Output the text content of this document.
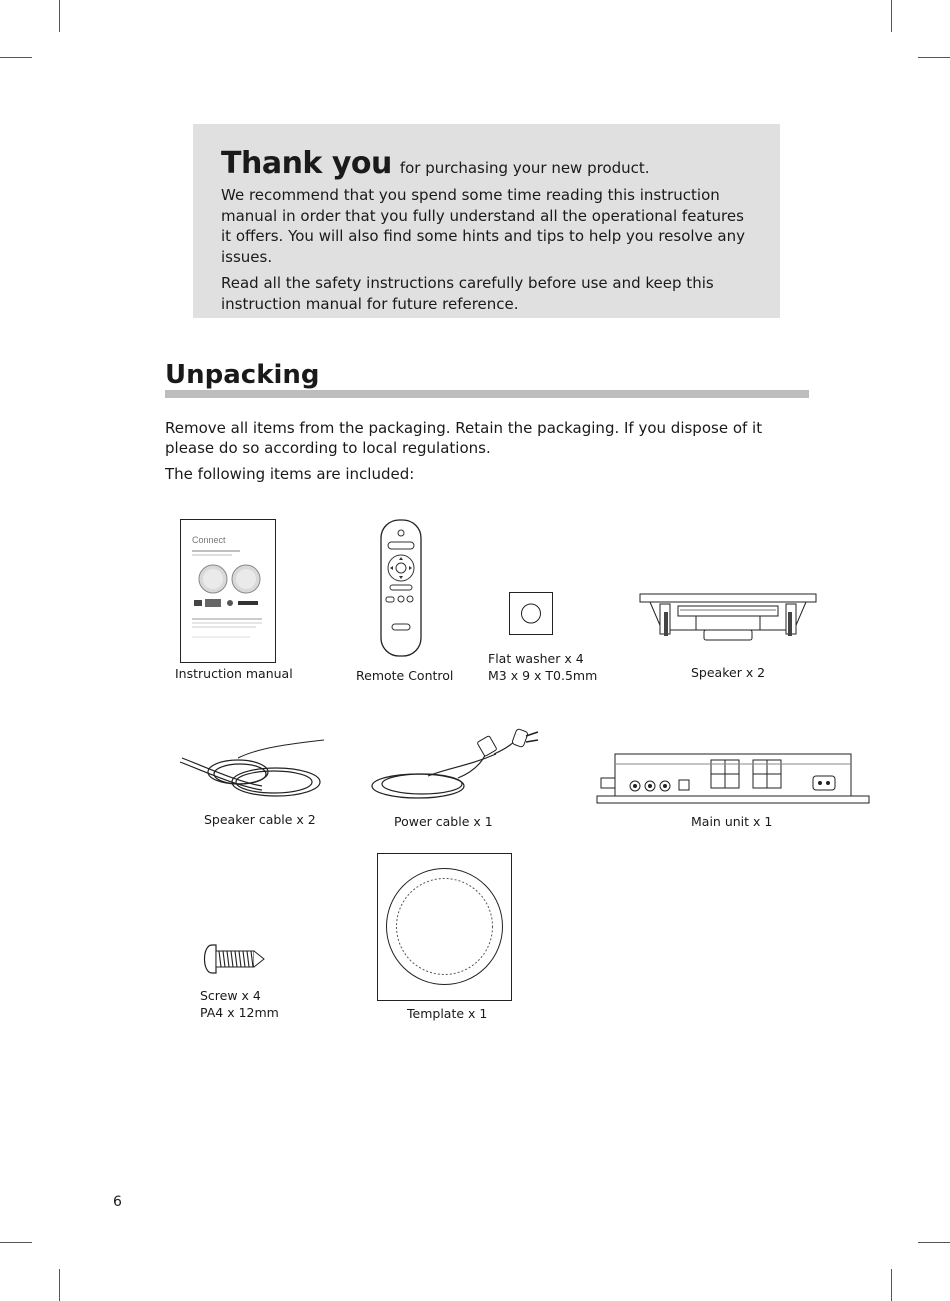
Thank you for purchasing your new product.

We recommend that you spend some time reading this instruction manual in order that you fully understand all the operational features it offers. You will also find some hints and tips to help you resolve any issues.

Read all the safety instructions carefully before use and keep this instruction manual for future reference.

Unpacking

Remove all items from the packaging. Retain the packaging. If you dispose of it please do so according to local regulations.

The following items are included:

Connect

Instruction manual	Remote Control

Flat washer x 4

M3 x 9 x T0.5mm	Speaker x 2

Speaker cable x 2	Power cable x 1	Main unit x 1

Screw x 4

PA4 x 12mm	Template x 1

6
